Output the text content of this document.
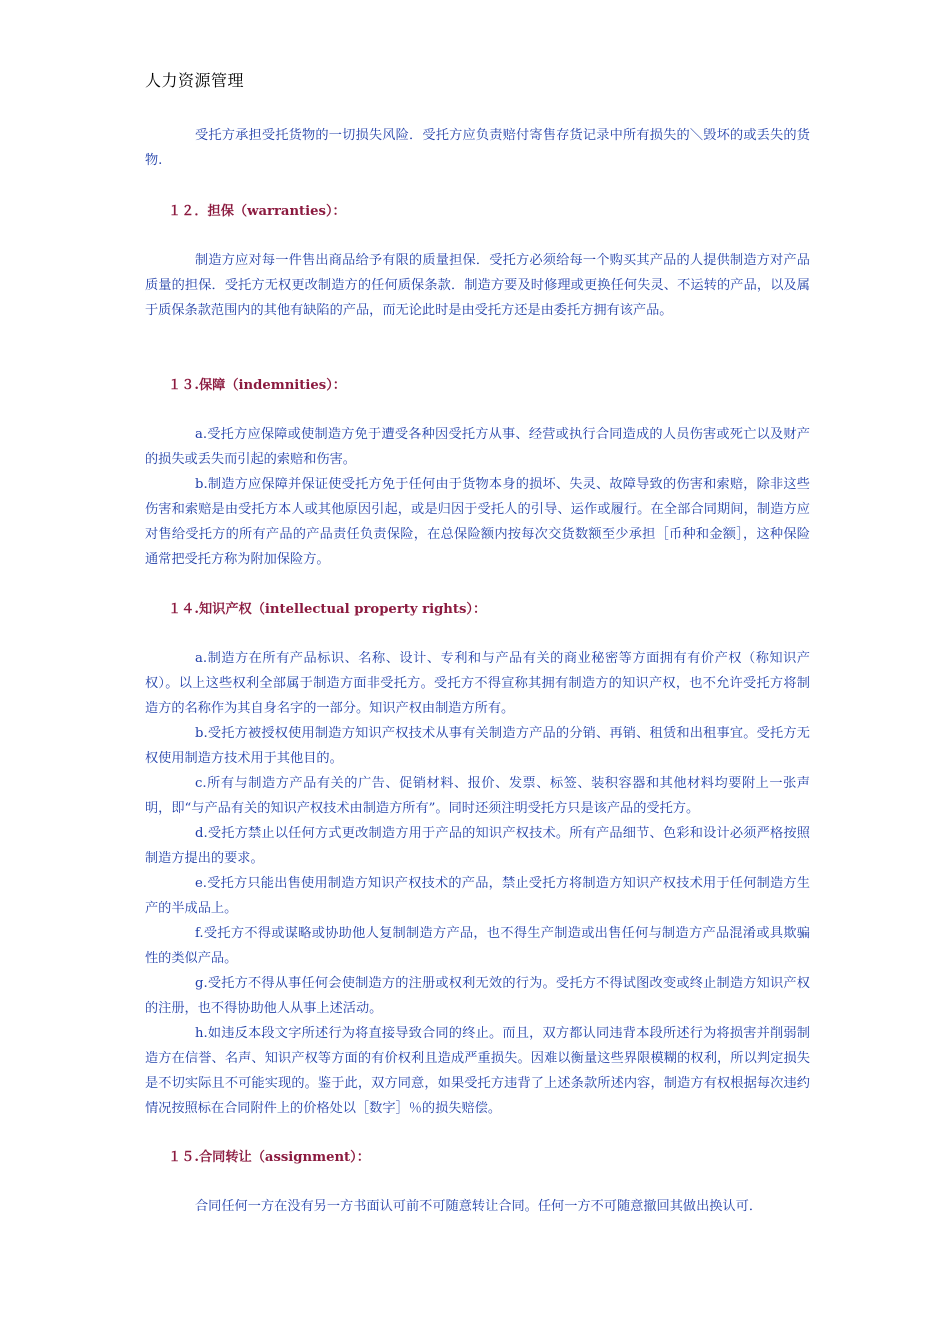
人力资源管理

受托方承担受托货物的一切损失风险．受托方应负责赔付寄售存货记录中所有损失的＼毁坏的或丢失的货物.

１２．担保（warranties）：

制造方应对每一件售出商品给予有限的质量担保．受托方必须给每一个购买其产品的人提供制造方对产品质量的担保．受托方无权更改制造方的任何质保条款．制造方要及时修理或更换任何失灵、不运转的产品，以及属于质保条款范围内的其他有缺陷的产品，而无论此时是由受托方还是由委托方拥有该产品。

１３.保障（indemnities）：

a.受托方应保障或使制造方免于遭受各种因受托方从事、经营或执行合同造成的人员伤害或死亡以及财产的损失或丢失而引起的索赔和伤害。

b.制造方应保障并保证使受托方免于任何由于货物本身的损坏、失灵、故障导致的伤害和索赔，除非这些伤害和索赔是由受托方本人或其他原因引起，或是归因于受托人的引导、运作或履行。在全部合同期间，制造方应对售给受托方的所有产品的产品责任负责保险，在总保险额内按每次交货数额至少承担［币种和金额］，这种保险通常把受托方称为附加保险方。

１４.知识产权（intellectual property rights）：

a.制造方在所有产品标识、名称、设计、专利和与产品有关的商业秘密等方面拥有有价产权（称知识产权）。以上这些权利全部属于制造方面非受托方。受托方不得宣称其拥有制造方的知识产权，也不允许受托方将制造方的名称作为其自身名字的一部分。知识产权由制造方所有。

b.受托方被授权使用制造方知识产权技术从事有关制造方产品的分销、再销、租赁和出租事宜。受托方无权使用制造方技术用于其他目的。

c.所有与制造方产品有关的广告、促销材料、报价、发票、标签、装积容器和其他材料均要附上一张声明，即“与产品有关的知识产权技术由制造方所有”。同时还须注明受托方只是该产品的受托方。

d.受托方禁止以任何方式更改制造方用于产品的知识产权技术。所有产品细节、色彩和设计必须严格按照制造方提出的要求。

e.受托方只能出售使用制造方知识产权技术的产品，禁止受托方将制造方知识产权技术用于任何制造方生产的半成品上。

f.受托方不得或谋略或协助他人复制制造方产品，也不得生产制造或出售任何与制造方产品混淆或具欺骗性的类似产品。

g.受托方不得从事任何会使制造方的注册或权利无效的行为。受托方不得试图改变或终止制造方知识产权的注册，也不得协助他人从事上述活动。

h.如违反本段文字所述行为将直接导致合同的终止。而且，双方都认同违背本段所述行为将损害并削弱制造方在信誉、名声、知识产权等方面的有价权利且造成严重损失。因难以衡量这些界限模糊的权利，所以判定损失是不切实际且不可能实现的。鉴于此，双方同意，如果受托方违背了上述条款所述内容，制造方有权根据每次违约情况按照标在合同附件上的价格处以［数字］％的损失赔偿。

１５.合同转让（assignment）：

合同任何一方在没有另一方书面认可前不可随意转让合同。任何一方不可随意撤回其做出换认可．
